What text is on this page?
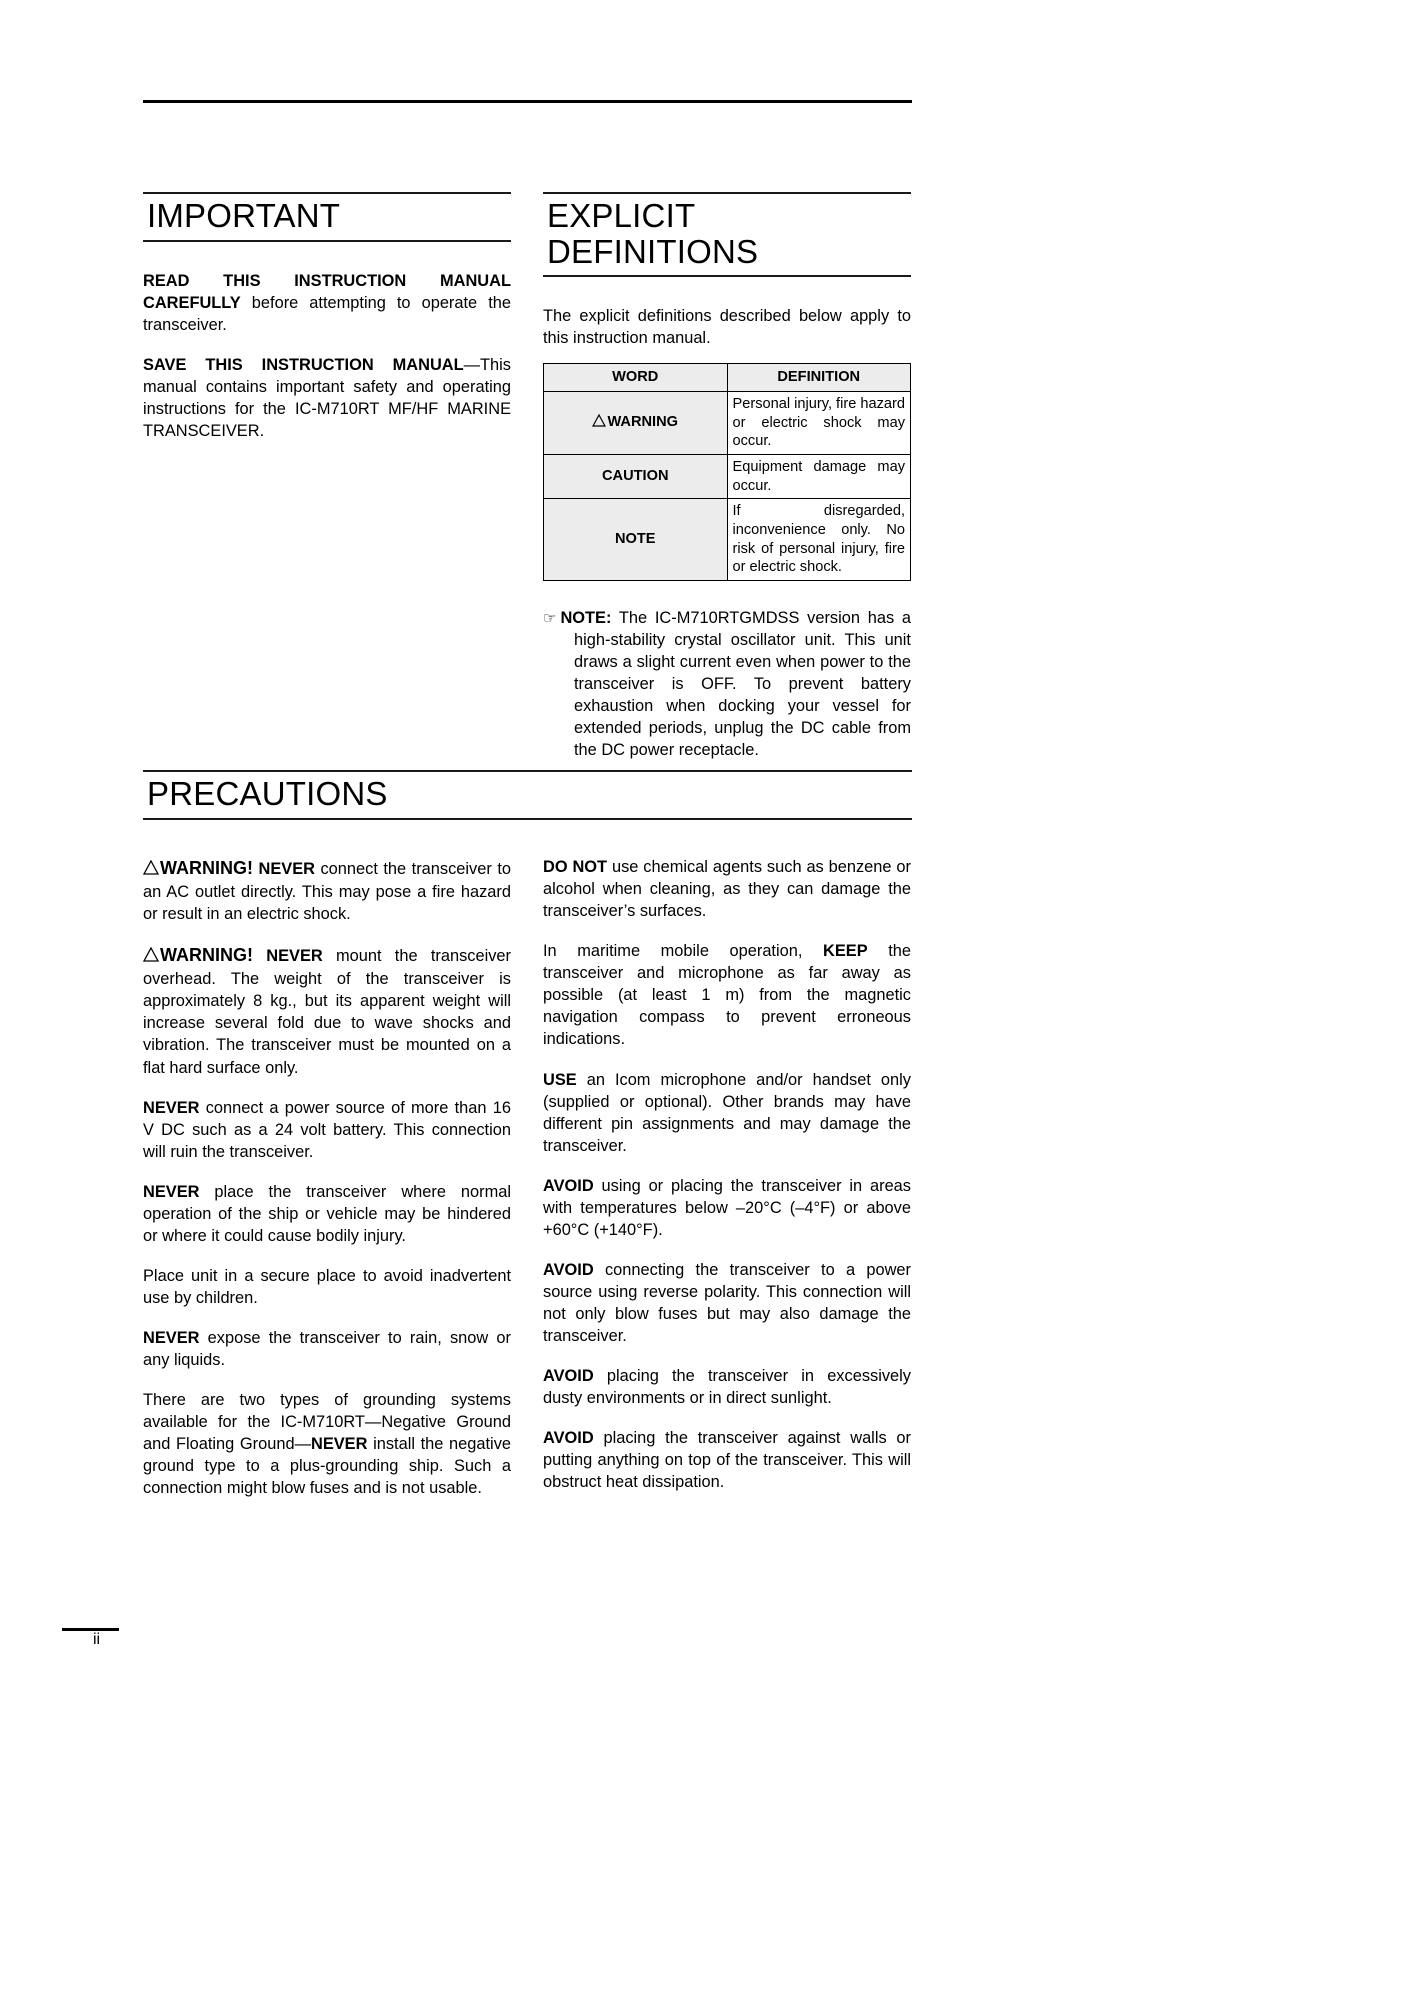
IMPORTANT

READ THIS INSTRUCTION MANUAL CAREFULLY before attempting to operate the transceiver.

SAVE THIS INSTRUCTION MANUAL—This manual contains important safety and operating instructions for the IC-M710RT MF/HF MARINE TRANSCEIVER.

EXPLICIT DEFINITIONS

The explicit definitions described below apply to this instruction manual.

WORD	DEFINITION
WARNING	Personal injury, fire hazard or electric shock may occur.
CAUTION	Equipment damage may occur.
NOTE	If disregarded, inconvenience only. No risk of personal injury, fire or electric shock.

☞ NOTE: The IC-M710RTGMDSS version has a high-stability crystal oscillator unit. This unit draws a slight current even when power to the transceiver is OFF. To prevent battery exhaustion when docking your vessel for extended periods, unplug the DC cable from the DC power receptacle.

PRECAUTIONS

WARNING! NEVER connect the transceiver to an AC outlet directly. This may pose a fire hazard or result in an electric shock.

WARNING! NEVER mount the transceiver overhead. The weight of the transceiver is approximately 8 kg., but its apparent weight will increase several fold due to wave shocks and vibration. The transceiver must be mounted on a flat hard surface only.

NEVER connect a power source of more than 16 V DC such as a 24 volt battery. This connection will ruin the transceiver.

NEVER place the transceiver where normal operation of the ship or vehicle may be hindered or where it could cause bodily injury.

Place unit in a secure place to avoid inadvertent use by children.

NEVER expose the transceiver to rain, snow or any liquids.

There are two types of grounding systems available for the IC-M710RT—Negative Ground and Floating Ground—NEVER install the negative ground type to a plus-grounding ship. Such a connection might blow fuses and is not usable.

DO NOT use chemical agents such as benzene or alcohol when cleaning, as they can damage the transceiver’s surfaces.

In maritime mobile operation, KEEP the transceiver and microphone as far away as possible (at least 1 m) from the magnetic navigation compass to prevent erroneous indications.

USE an Icom microphone and/or handset only (supplied or optional). Other brands may have different pin assignments and may damage the transceiver.

AVOID using or placing the transceiver in areas with temperatures below –20°C (–4°F) or above +60°C (+140°F).

AVOID connecting the transceiver to a power source using reverse polarity. This connection will not only blow fuses but may also damage the transceiver.

AVOID placing the transceiver in excessively dusty environments or in direct sunlight.

AVOID placing the transceiver against walls or putting anything on top of the transceiver. This will obstruct heat dissipation.

ii
